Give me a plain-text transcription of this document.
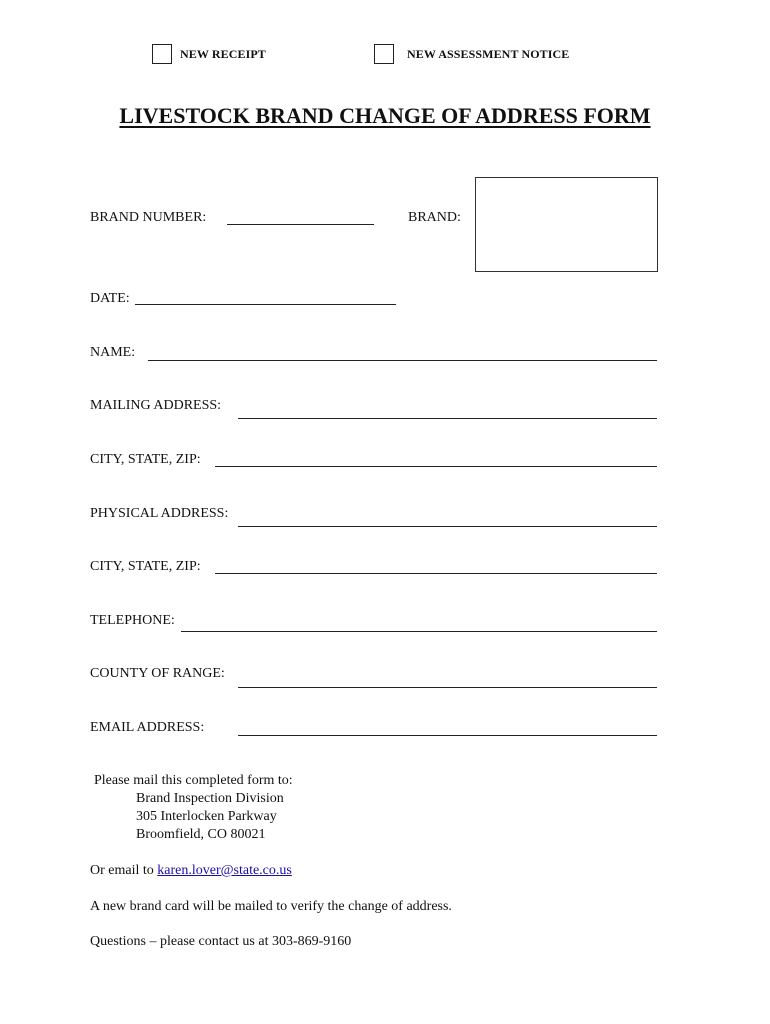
NEW RECEIPT	NEW ASSESSMENT NOTICE
LIVESTOCK BRAND CHANGE OF ADDRESS FORM
BRAND NUMBER:	BRAND:
DATE:
NAME:
MAILING ADDRESS:
CITY, STATE, ZIP:
PHYSICAL ADDRESS:
CITY, STATE, ZIP:
TELEPHONE:
COUNTY OF RANGE:
EMAIL ADDRESS:
Please mail this completed form to:
Brand Inspection Division
305 Interlocken Parkway
Broomfield, CO 80021
Or email to karen.lover@state.co.us
A new brand card will be mailed to verify the change of address.
Questions – please contact us at 303-869-9160
